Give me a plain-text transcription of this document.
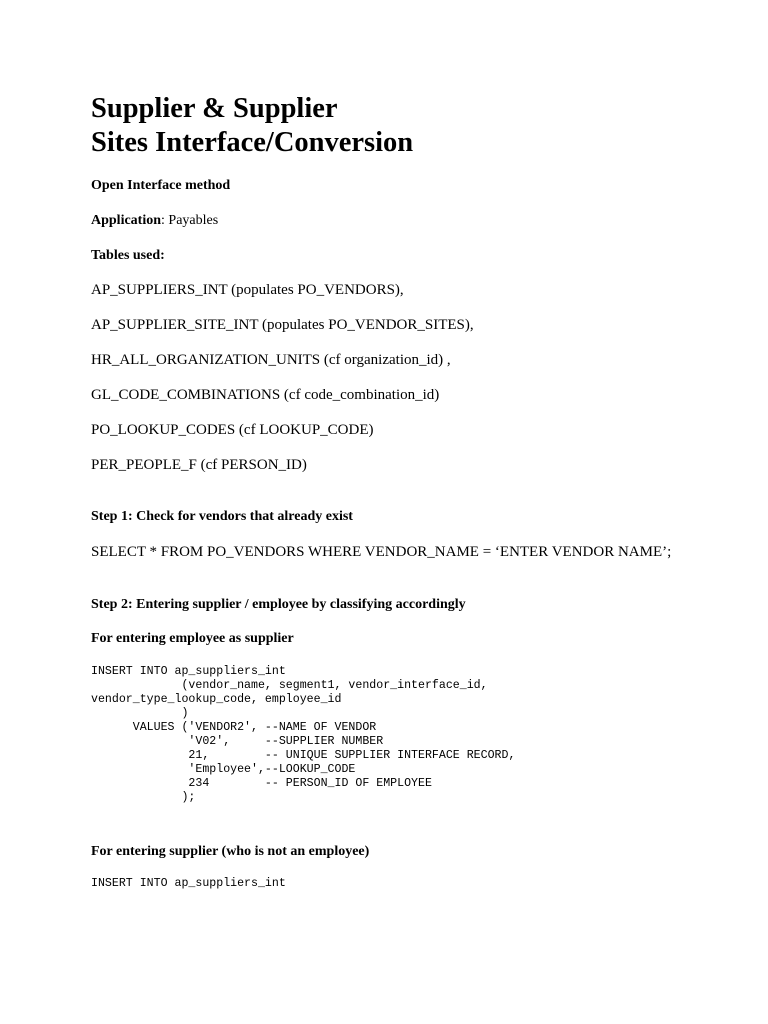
Supplier & Supplier
Sites Interface/Conversion

Open Interface method

Application: Payables

Tables used:

AP_SUPPLIERS_INT (populates PO_VENDORS),

AP_SUPPLIER_SITE_INT (populates PO_VENDOR_SITES),

HR_ALL_ORGANIZATION_UNITS (cf organization_id) ,

GL_CODE_COMBINATIONS (cf code_combination_id)

PO_LOOKUP_CODES (cf LOOKUP_CODE)

PER_PEOPLE_F (cf PERSON_ID)

Step 1: Check for vendors that already exist

SELECT * FROM PO_VENDORS WHERE VENDOR_NAME = ‘ENTER VENDOR NAME’;

Step 2: Entering supplier / employee by classifying accordingly

For entering employee as supplier

INSERT INTO ap_suppliers_int
(vendor_name, segment1, vendor_interface_id,
vendor_type_lookup_code, employee_id
)
VALUES ('VENDOR2', --NAME OF VENDOR
'V02',     --SUPPLIER NUMBER
21,        -- UNIQUE SUPPLIER INTERFACE RECORD,
'Employee',--LOOKUP_CODE
234        -- PERSON_ID OF EMPLOYEE
);

For entering supplier (who is not an employee)

INSERT INTO ap_suppliers_int
